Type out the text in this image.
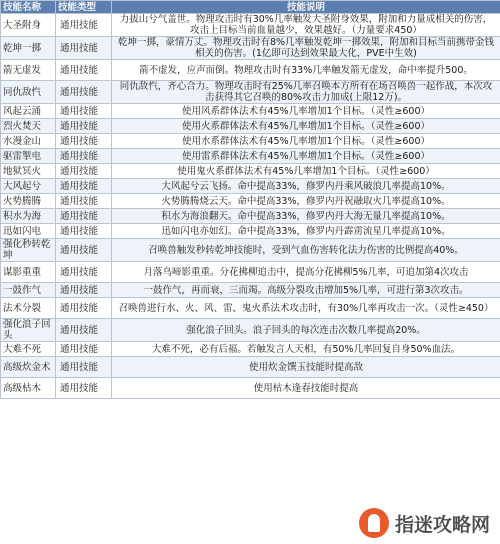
技能名称	技能类型	技能说明
大圣附身	通用技能	力拔山兮气盖世。物理攻击时有30%几率触发大圣附身效果，附加和力量成相关的伤害，攻击上目标当前血量越少，效果越好。（力量要求450）
乾坤一掷	通用技能	乾坤一掷，豪情万丈。物理攻击时有8%几率触发乾坤一掷效果，附加和目标当前携带金钱相关的伤害。(1亿即可达到效果最大化，PVE中生效)
箭无虚发	通用技能	箭不虚发，应声而倒。物理攻击时有33%几率触发箭无虚发，命中率提升500。
同仇敌忾	通用技能	同仇敌忾，齐心合力。物理攻击时有25%几率召唤本方所有在场召唤兽一起作战，本次攻击获得其它召唤的80%攻击力加成(上限12万)。
风起云涌	通用技能	使用风系群体法术有45%几率增加1个目标。（灵性≥600）
烈火焚天	通用技能	使用火系群体法术有45%几率增加1个目标。（灵性≥600）
水漫金山	通用技能	使用水系群体法术有45%几率增加1个目标。（灵性≥600）
驱雷掣电	通用技能	使用雷系群体法术有45%几率增加1个目标。（灵性≥600）
地狱冥火	通用技能	使用鬼火系群体法术有45%几率增加1个目标。（灵性≥600）
大风起兮	通用技能	大风起兮云飞扬。命中提高33%，修罗内丹乘风破浪几率提高10%。
火势腾腾	通用技能	火势腾腾烧云天。命中提高33%，修罗内丹祝融取火几率提高10%。
积水为海	通用技能	积水为海浪翻天。命中提高33%，修罗内丹大海无量几率提高10%。
迅如闪电	通用技能	迅如闪电亦如幻。命中提高33%，修罗内丹霹雳流星几率提高10%。
强化秒转乾坤	通用技能	召唤兽触发秒转乾坤技能时，受到气血伤害转化法力伤害的比例提高40%。
谋影重重	通用技能	月落乌啼影重重。分花拂柳追击中，提高分花拂柳5%几率，可追加第4次攻击
一鼓作气	通用技能	一鼓作气，再而衰，三而竭。高级分裂攻击增加5%几率，可进行第3次攻击。
法术分裂	通用技能	召唤兽进行水、火、风、雷、鬼火系法术攻击时，有30%几率再攻击一次。（灵性≥450）
强化浪子回头	通用技能	强化浪子回头。浪子回头的每次连击次数几率提高20%。
大难不死	通用技能	大难不死，必有后福。若触发言人天相，有50%几率回复自身50%血法。
高级炊金术	通用技能	使用炊金馔玉技能时提高敌
高级枯木	通用技能	使用枯木逢春技能时提高
指迷攻略网
